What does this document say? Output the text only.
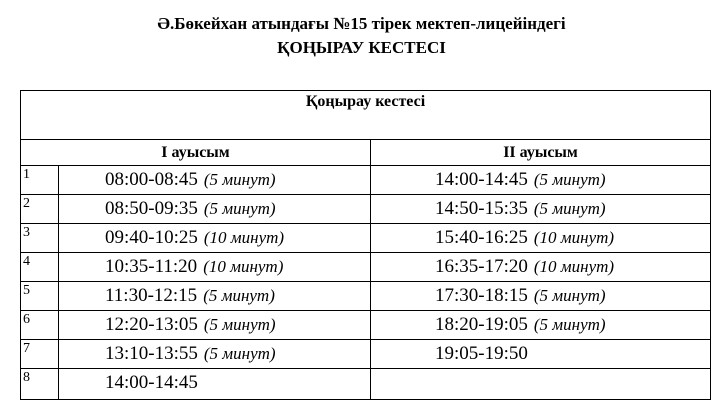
Ә.Бөкейхан атындағы №15 тірек мектеп-лицейіндегі
ҚОҢЫРАУ КЕСТЕСІ
Қоңырау кестесі		

І ауысым		ІІ ауысым
1	08:00-08:45 (5 минут)	14:00-14:45 (5 минут)
2	08:50-09:35 (5 минут)	14:50-15:35 (5 минут)
3	09:40-10:25 (10 минут)	15:40-16:25 (10 минут)
4	10:35-11:20 (10 минут)	16:35-17:20 (10 минут)
5	11:30-12:15 (5 минут)	17:30-18:15 (5 минут)
6	12:20-13:05 (5 минут)	18:20-19:05 (5 минут)
7	13:10-13:55 (5 минут)	19:05-19:50
8	14:00-14:45	
